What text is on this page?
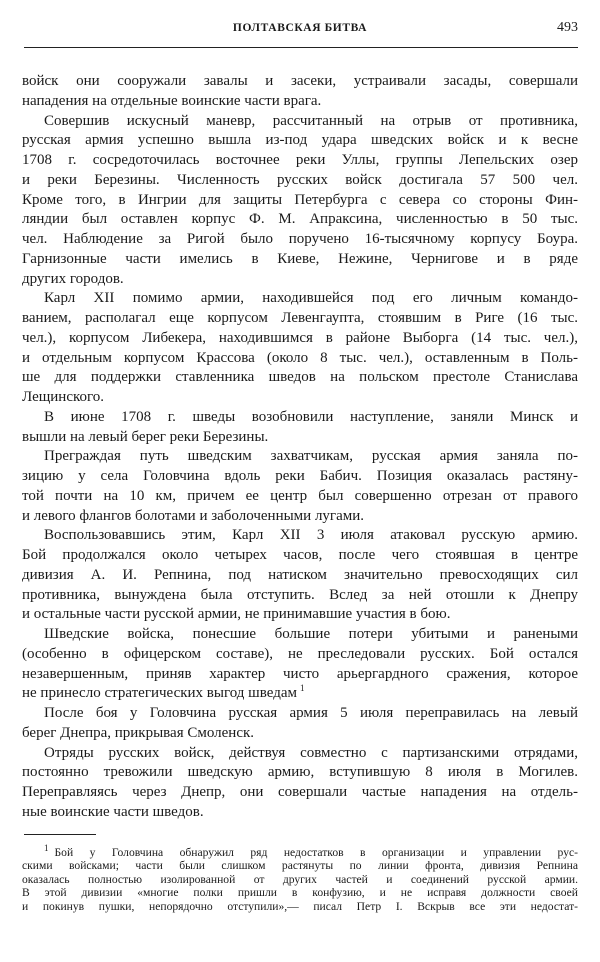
ПОЛТАВСКАЯ БИТВА	493
войск они сооружали завалы и засеки, устраивали засады, совершали
нападения на отдельные воинские части врага.
Совершив искусный маневр, рассчитанный на отрыв от противника,
русская армия успешно вышла из-под удара шведских войск и к весне
1708 г. сосредоточилась восточнее реки Уллы, группы Лепельских озер
и реки Березины. Численность русских войск достигала 57 500 чел.
Кроме того, в Ингрии для защиты Петербурга с севера со стороны Фин-
ляндии был оставлен корпус Ф. М. Апраксина, численностью в 50 тыс.
чел. Наблюдение за Ригой было поручено 16-тысячному корпусу Боура.
Гарнизонные части имелись в Киеве, Нежине, Чернигове и в ряде
других городов.
Карл XII помимо армии, находившейся под его личным командо-
ванием, располагал еще корпусом Левенгаупта, стоявшим в Риге (16 тыс.
чел.), корпусом Либекера, находившимся в районе Выборга (14 тыс. чел.),
и отдельным корпусом Крассова (около 8 тыс. чел.), оставленным в Поль-
ше для поддержки ставленника шведов на польском престоле Станислава
Лещинского.
В июне 1708 г. шведы возобновили наступление, заняли Минск и
вышли на левый берег реки Березины.
Преграждая путь шведским захватчикам, русская армия заняла по-
зицию у села Головчина вдоль реки Бабич. Позиция оказалась растяну-
той почти на 10 км, причем ее центр был совершенно отрезан от правого
и левого флангов болотами и заболоченными лугами.
Воспользовавшись этим, Карл XII 3 июля атаковал русскую армию.
Бой продолжался около четырех часов, после чего стоявшая в центре
дивизия А. И. Репнина, под натиском значительно превосходящих сил
противника, вынуждена была отступить. Вслед за ней отошли к Днепру
и остальные части русской армии, не принимавшие участия в бою.
Шведские войска, понесшие большие потери убитыми и ранеными
(особенно в офицерском составе), не преследовали русских. Бой остался
незавершенным, приняв характер чисто арьергардного сражения, которое
не принесло стратегических выгод шведам $^1$
После боя у Головчина русская армия 5 июля переправилась на левый
берег Днепра, прикрывая Смоленск.
Отряды русских войск, действуя совместно с партизанскими отрядами,
постоянно тревожили шведскую армию, вступившую 8 июля в Могилев.
Переправляясь через Днепр, они совершали частые нападения на отдель-
ные воинские части шведов.
$^1$ Бой у Головчина обнаружил ряд недостатков в организации и управлении рус-
скими войсками; части были слишком растянуты по линии фронта, дивизия Репнина
оказалась полностью изолированной от других частей и соединений русской армии.
В этой дивизии «многие полки пришли в конфузию, и не исправя должности своей
и покинув пушки, непорядочно отступили»,— писал Петр I. Вскрыв все эти недостат-
